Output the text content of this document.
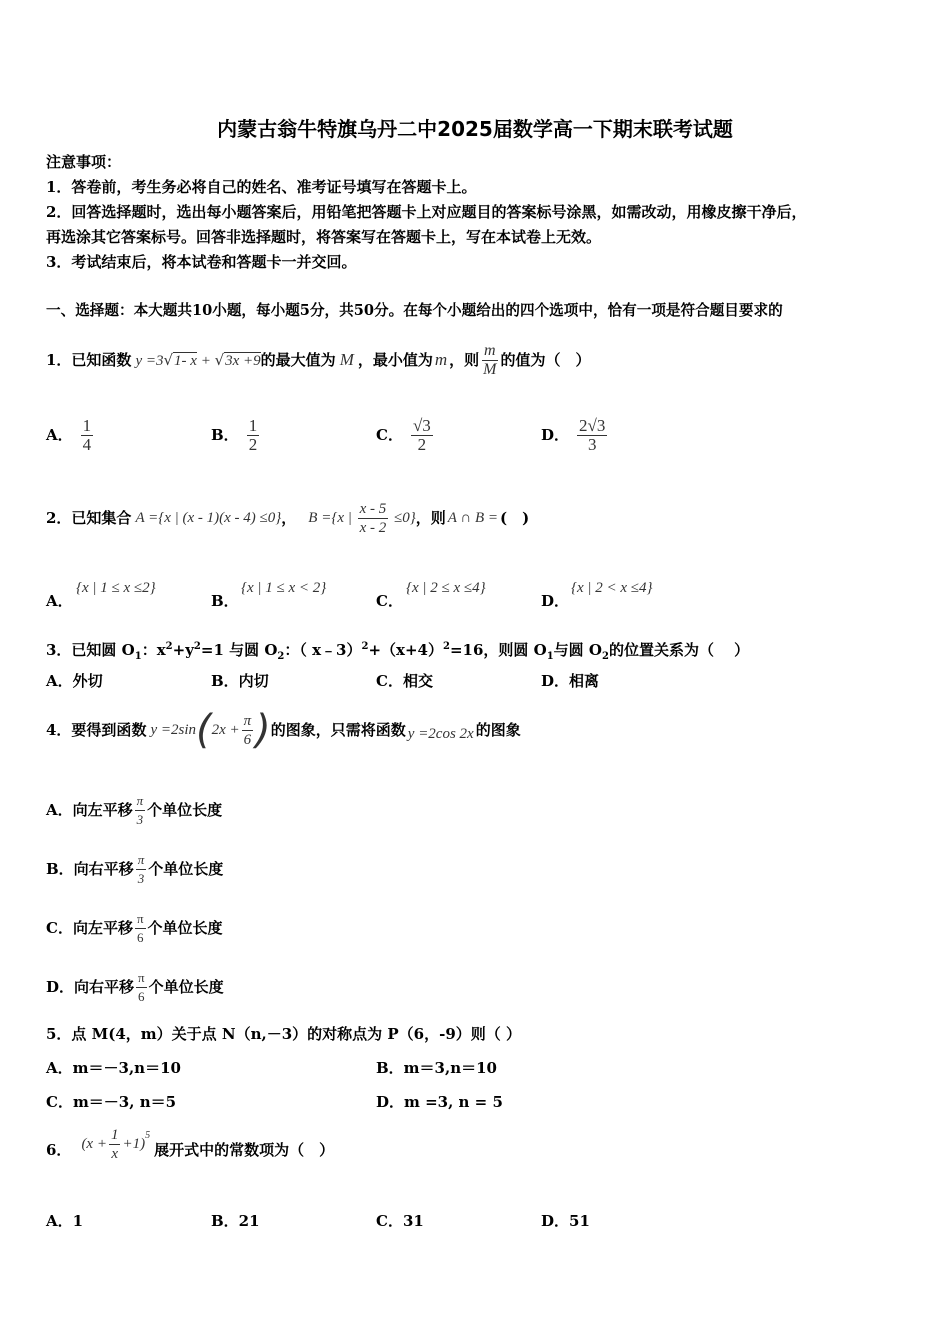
内蒙古翁牛特旗乌丹二中2025届数学高一下期末联考试题
注意事项：
1．答卷前，考生务必将自己的姓名、准考证号填写在答题卡上。
2．回答选择题时，选出每小题答案后，用铅笔把答题卡上对应题目的答案标号涂黑，如需改动，用橡皮擦干净后，
再选涂其它答案标号。回答非选择题时，将答案写在答题卡上，写在本试卷上无效。
3．考试结束后，将本试卷和答题卡一并交回。
一、选择题：本大题共10小题，每小题5分，共50分。在每个小题给出的四个选项中，恰有一项是符合题目要求的
1．已知函数 y =3√1- x + √3x +9 的最大值为 M ，最小值为 m ，则 $\frac{m}{M}$ 的值为（　）
A． $\frac{1}{4}$	B． $\frac{1}{2}$	C． $\frac{√3}{2}$	D． $\frac{2√3}{3}$
2．已知集合 A ={x | (x - 1)(x - 4) ≤0} ， B ={x | $\frac{x - 5}{x - 2} \le 0$} ，则 A ∩ B = (　)
A．
{x | 1 ≤ x ≤2}
B．
{x | 1 ≤ x < 2}
C．
{x | 2 ≤ x ≤4}
D．
{x | 2 < x ≤4}
3．已知圆 $O_1$：$x^2+y^2=1$ 与圆 $O_2$：（ $x﹣3)^2+(x+4)^2=16$，则圆 $O_1$与圆 $O_2$的位置关系为（　 ）
A．外切	B．内切	C．相交	D．相离
4．要得到函数 y =2sin ( $2x + \frac{\pi}{6}$ ) 的图象，只需将函数 y =2cos 2x 的图象
A．向左平移 $\frac{\pi}{3}$ 个单位长度
B．向右平移 $\frac{\pi}{3}$ 个单位长度
C．向左平移 $\frac{\pi}{6}$ 个单位长度
D．向右平移 $\frac{\pi}{6}$ 个单位长度
5．点 M(4，m）关于点 N（n,－3）的对称点为 P（6，-9）则（ ）
A．m＝－3,n＝10	B．m＝3,n＝10
C．m＝－3, n＝5	D．m =3, n = 5
6． $(x + \frac{1}{x} +1)$
$^5$
展开式中的常数项为（　）
A．1	B．21	C．31	D．51
